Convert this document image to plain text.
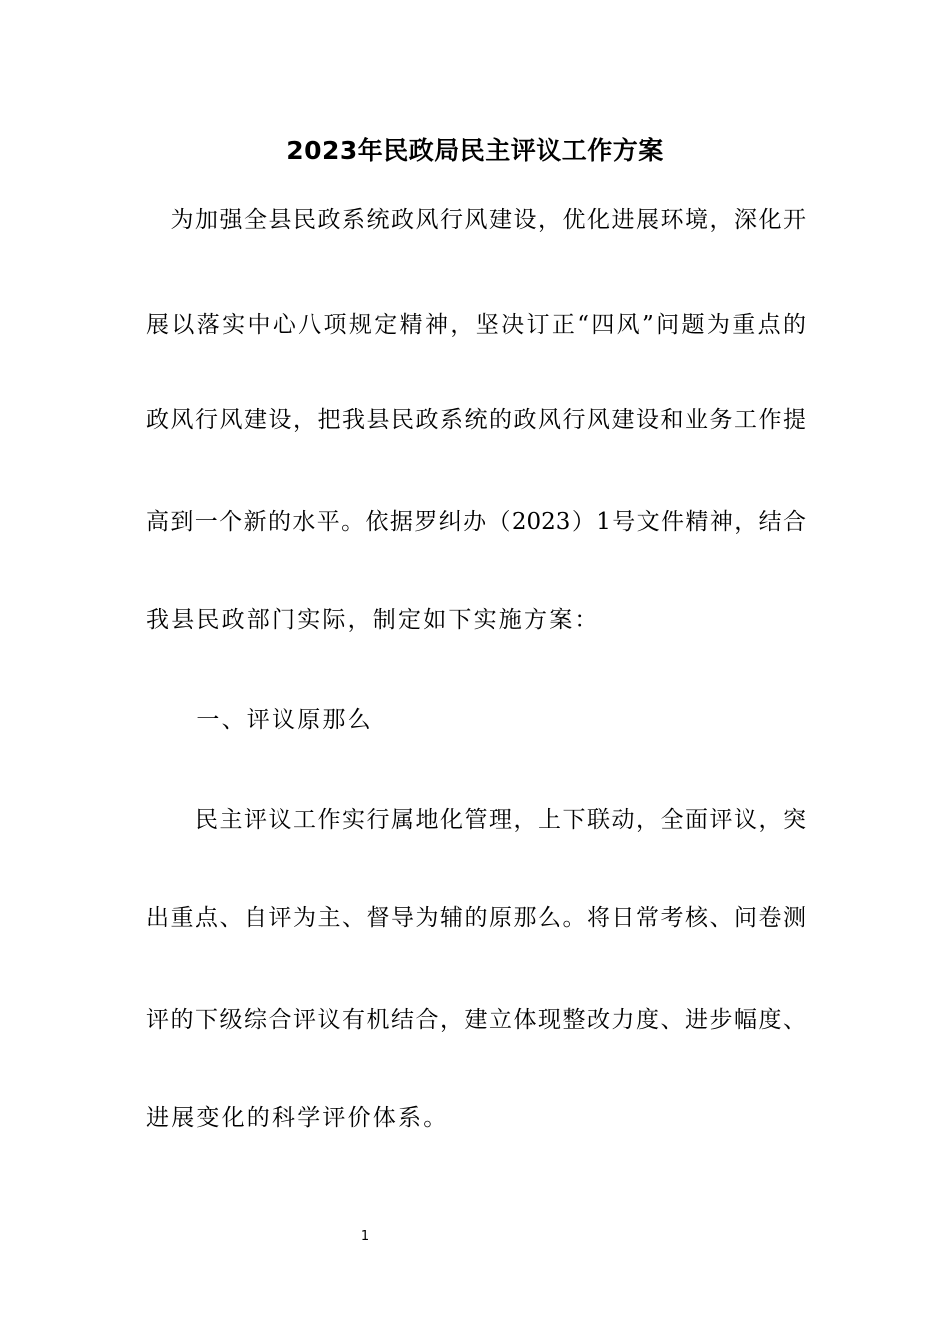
2023年民政局民主评议工作方案
　为加强全县民政系统政风行风建设，优化进展环境，深化开
展以落实中心八项规定精神，坚决订正“四风”问题为重点的
政风行风建设，把我县民政系统的政风行风建设和业务工作提
高到一个新的水平。依据罗纠办（2023）1号文件精神，结合
我县民政部门实际，制定如下实施方案：
　　一、评议原那么
　　民主评议工作实行属地化管理，上下联动，全面评议，突
出重点、自评为主、督导为辅的原那么。将日常考核、问卷测
评的下级综合评议有机结合，建立体现整改力度、进步幅度、
进展变化的科学评价体系。
1
